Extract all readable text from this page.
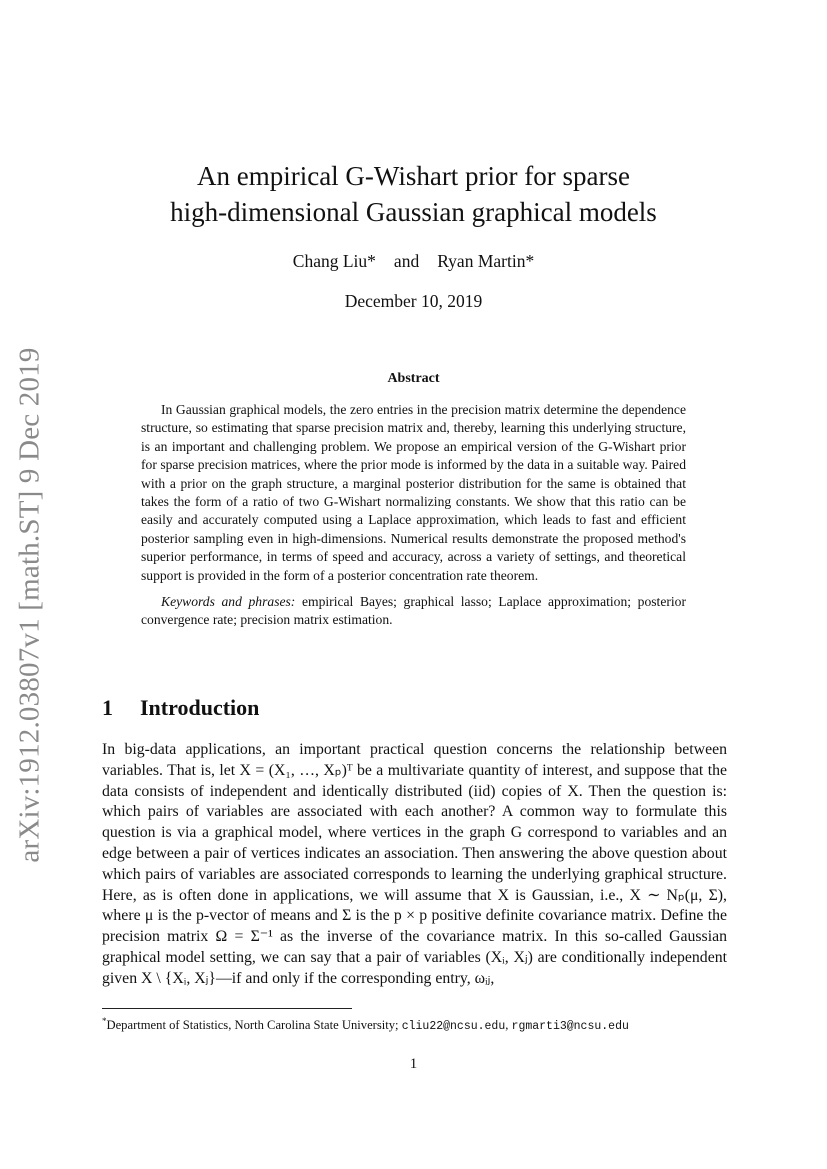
arXiv:1912.03807v1 [math.ST] 9 Dec 2019
An empirical G-Wishart prior for sparse
high-dimensional Gaussian graphical models
Chang Liu* and Ryan Martin*
December 10, 2019
Abstract

In Gaussian graphical models, the zero entries in the precision matrix determine the dependence structure, so estimating that sparse precision matrix and, thereby, learning this underlying structure, is an important and challenging problem. We propose an empirical version of the G-Wishart prior for sparse precision matrices, where the prior mode is informed by the data in a suitable way. Paired with a prior on the graph structure, a marginal posterior distribution for the same is obtained that takes the form of a ratio of two G-Wishart normalizing constants. We show that this ratio can be easily and accurately computed using a Laplace approximation, which leads to fast and efficient posterior sampling even in high-dimensions. Numerical results demonstrate the proposed method's superior performance, in terms of speed and accuracy, across a variety of settings, and theoretical support is provided in the form of a posterior concentration rate theorem.

Keywords and phrases: empirical Bayes; graphical lasso; Laplace approximation; posterior convergence rate; precision matrix estimation.

1 Introduction

In big-data applications, an important practical question concerns the relationship between variables. That is, let X = (X₁, …, Xₚ)ᵀ be a multivariate quantity of interest, and suppose that the data consists of independent and identically distributed (iid) copies of X. Then the question is: which pairs of variables are associated with each another? A common way to formulate this question is via a graphical model, where vertices in the graph G correspond to variables and an edge between a pair of vertices indicates an association. Then answering the above question about which pairs of variables are associated corresponds to learning the underlying graphical structure. Here, as is often done in applications, we will assume that X is Gaussian, i.e., X ∼ Nₚ(μ, Σ), where μ is the p-vector of means and Σ is the p × p positive definite covariance matrix. Define the precision matrix Ω = Σ⁻¹ as the inverse of the covariance matrix. In this so-called Gaussian graphical model setting, we can say that a pair of variables (Xᵢ, Xⱼ) are conditionally independent given X \ {Xᵢ, Xⱼ}—if and only if the corresponding entry, ωᵢⱼ,

*Department of Statistics, North Carolina State University; cliu22@ncsu.edu, rgmarti3@ncsu.edu
1
